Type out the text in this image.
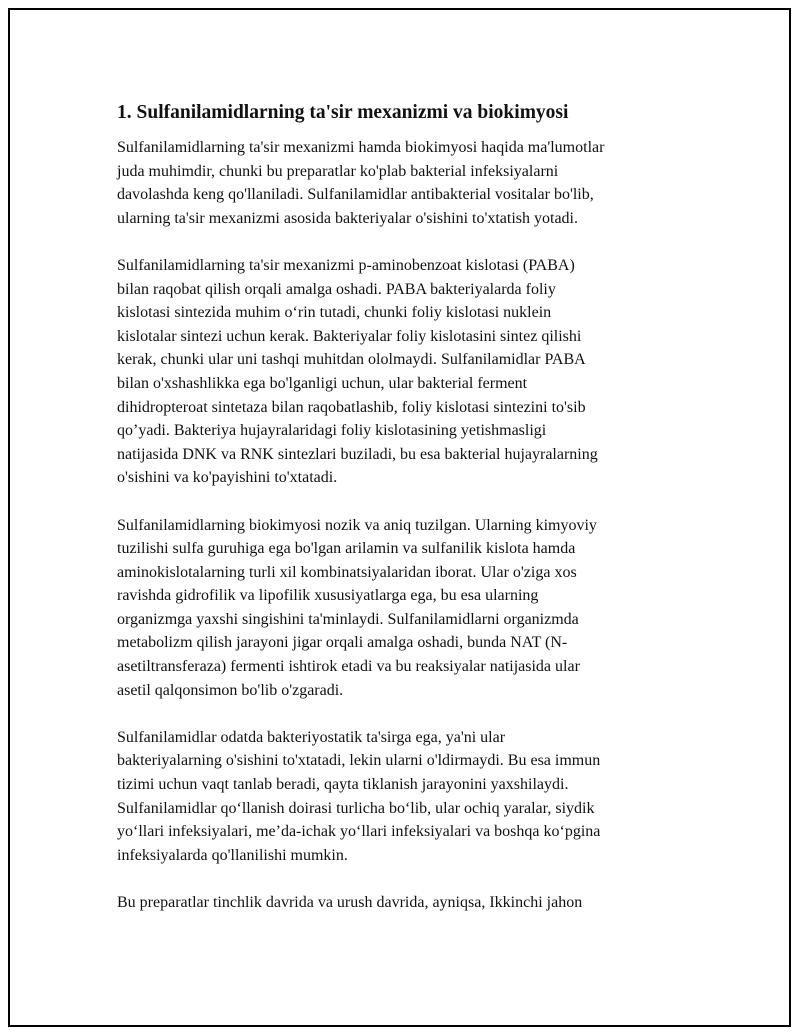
1. Sulfanilamidlarning ta'sir mexanizmi va biokimyosi

Sulfanilamidlarning ta'sir mexanizmi hamda biokimyosi haqida ma'lumotlar
juda muhimdir, chunki bu preparatlar ko'plab bakterial infeksiyalarni
davolashda keng qo'llaniladi. Sulfanilamidlar antibakterial vositalar bo'lib,
ularning ta'sir mexanizmi asosida bakteriyalar o'sishini to'xtatish yotadi.

Sulfanilamidlarning ta'sir mexanizmi p-aminobenzoat kislotasi (PABA)
bilan raqobat qilish orqali amalga oshadi. PABA bakteriyalarda foliy
kislotasi sintezida muhim o‘rin tutadi, chunki foliy kislotasi nuklein
kislotalar sintezi uchun kerak. Bakteriyalar foliy kislotasini sintez qilishi
kerak, chunki ular uni tashqi muhitdan ololmaydi. Sulfanilamidlar PABA
bilan o'xshashlikka ega bo'lganligi uchun, ular bakterial ferment
dihidropteroat sintetaza bilan raqobatlashib, foliy kislotasi sintezini to'sib
qo’yadi. Bakteriya hujayralaridagi foliy kislotasining yetishmasligi
natijasida DNK va RNK sintezlari buziladi, bu esa bakterial hujayralarning
o'sishini va ko'payishini to'xtatadi.

Sulfanilamidlarning biokimyosi nozik va aniq tuzilgan. Ularning kimyoviy
tuzilishi sulfa guruhiga ega bo'lgan arilamin va sulfanilik kislota hamda
aminokislotalarning turli xil kombinatsiyalaridan iborat. Ular o'ziga xos
ravishda gidrofilik va lipofilik xususiyatlarga ega, bu esa ularning
organizmga yaxshi singishini ta'minlaydi. Sulfanilamidlarni organizmda
metabolizm qilish jarayoni jigar orqali amalga oshadi, bunda NAT (N-
asetiltransferaza) fermenti ishtirok etadi va bu reaksiyalar natijasida ular
asetil qalqonsimon bo'lib o'zgaradi.

Sulfanilamidlar odatda bakteriyostatik ta'sirga ega, ya'ni ular
bakteriyalarning o'sishini to'xtatadi, lekin ularni o'ldirmaydi. Bu esa immun
tizimi uchun vaqt tanlab beradi, qayta tiklanish jarayonini yaxshilaydi.
Sulfanilamidlar qo‘llanish doirasi turlicha bo‘lib, ular ochiq yaralar, siydik
yo‘llari infeksiyalari, me’da-ichak yo‘llari infeksiyalari va boshqa ko‘pgina
infeksiyalarda qo'llanilishi mumkin.

Bu preparatlar tinchlik davrida va urush davrida, ayniqsa, Ikkinchi jahon
